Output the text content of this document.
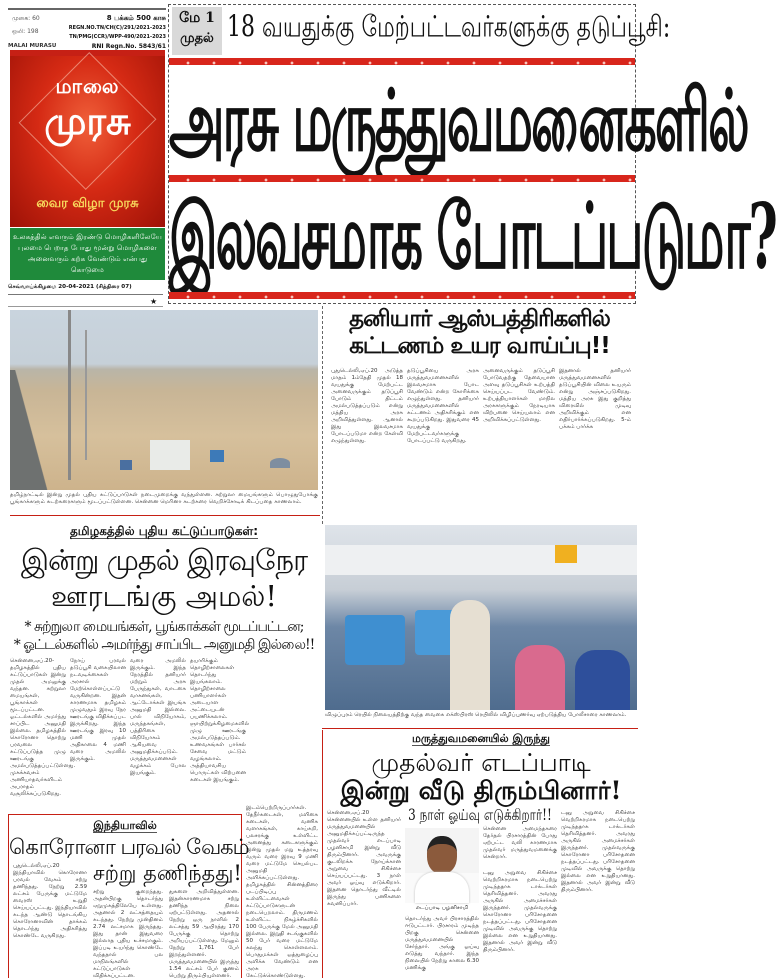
முகை: 60
ஒலி: 198
MALAI MURASU
8 பக்கம் 500 காசு
REGN.NO.TN/CH(C)/291/2021-2023
TN/PMG(CCR)/WPP-490/2021-2023
RNI Regn.No. 5843/61
மாலை
முரசு
வைர விழா முரசு
உலகத்தில் எவரும் இரண்டு மொழிகளிலேயே புலமை பெறாத போது மூன்று மொழிகளை அனைவரும் கற்க வேண்டும் என்பது கொடுமை
செவ்வாய்க்கிழமை 20-04-2021 (சித்திரை 07)
★
மே 1
முதல் 18 வயதுக்கு மேற்பட்டவர்களுக்கு தடுப்பூசி:
அரசு மருத்துவமனைகளில்
இலவசமாக போடப்படுமா?
தமிழ்நாட்டில் இன்று முதல் புதிய கட்டுப்பாடுகள் நடைமுறைக்கு வந்துள்ளன. சுற்றுலா மையங்களும் பொழுதுபோக்கு பூங்காக்களும் கடற்கரைகளும் மூடப்பட்டுள்ளன. சென்னை மெரினா கடற்கரை வெறிச்சோடிக் கிடப்பதை காணலாம்.
தனியார் ஆஸ்பத்திரிகளில்
கட்டணம் உயர வாய்ப்பு!!
புதுடெல்லி,ஏப்.20 அடுத்த மாதம் 1ம்தேதி முதல் 18 வயதுக்கு மேற்பட்ட அனைவருக்கும் தடுப்பூசி போடும் திட்டம் அமல்படுத்தப்படும் என்று மத்திய அரசு அறிவித்துள்ளது. ஆனால் இது இலவசமாக போடப்படுமா என்ற கேள்வி எழுந்துள்ளது.
தடுப்பூசியை அரசு மருத்துவமனைகளில் இலவசமாக போட வேண்டும் என்ற கோரிக்கை எழுந்துள்ளது. தனியார் மருத்துவமனைகளில் கட்டணம் அதிகரிக்கும் என கூறப்படுகிறது. இதுவரை 45 வயதுக்கு மேற்பட்டவர்களுக்கு போடப்பட்டு வருகிறது.
அனைவருக்கும் தடுப்பூசி போடுவதற்கு தேவையான அளவு தடுப்பூசிகள் உற்பத்தி செய்யப்பட வேண்டும். உற்பத்தியாளர்கள் மாநில அரசுகளுக்கும் நேரடியாக விற்பனை செய்யலாம் என அறிவிக்கப்பட்டுள்ளது.
இதனால் தனியார் மருத்துவமனைகளில் தடுப்பூசியின் விலை உயரும் என்று அஞ்சப்படுகிறது. மத்திய அரசு இது குறித்து விரைவில் முடிவு அறிவிக்கும் என எதிர்பார்க்கப்படுகிறது. 5-ம் பக்கம் பார்க்க
தமிழகத்தில் புதிய கட்டுப்பாடுகள்:
இன்று முதல் இரவுநேர
ஊரடங்கு அமல்!
* சுற்றுலா மையங்கள், பூங்காக்கள் மூடப்பட்டன;
* ஓட்டல்களில் அமர்ந்து சாப்பிட அனுமதி இல்லை!!
சென்னை,ஏப்.20- தமிழகத்தில் புதிய கட்டுப்பாடுகள் இன்று முதல் அமலுக்கு வந்தன. சுற்றுலா மையங்கள், பூங்காக்கள் மூடப்பட்டன. ஓட்டல்களில் அமர்ந்து சாப்பிட அனுமதி இல்லை. தமிழகத்தில் கொரோனா தொற்று பரவலை கட்டுப்படுத்த முழு ஊரடங்கு அமல்படுத்தப்பட்டுள்ளது. முகக்கவசம் அணியாதவர்களிடம் அபராதம் வசூலிக்கப்படுகிறது.
நோய் பரவல் தடுப்பூசி வகையிலான நடவடிக்கைகள் அரசால் மேற்கொள்ளப்பட்டு வருகின்றன. இதன் காரணமாக தமிழகம் முழுவதும் இரவு நேர ஊரடங்கு விதிக்கப்பட இருக்கிறது. இந்த ஊரடங்கு இரவு 10 மணி முதல் அதிகாலை 4 மணி வரை அமலில் இருக்கும்.
வரை அமலில் இருக்கும். இந்த நேரத்தில் தனியார் மற்றும் அரசு பேருந்துகள், வாடகை வாகனங்கள், ஆட்டோக்கள் இயங்க அனுமதி இல்லை. பால் விநியோகம், மருந்தகங்கள், பத்திரிகை விநியோகம் ஆகியவை அனுமதிக்கப்படும். மருத்துவமனைகள் வழக்கம் போல இயங்கும்.
தயாரிக்கும் தொழிற்சாலைகள் தொடர்ந்து இயங்கலாம். தொழிற்சாலை பணியாளர்கள் அடையாள அட்டையுடன் பயணிக்கலாம். ஞாயிற்றுக்கிழமைகளில் முழு ஊரடங்கு அமல்படுத்தப்படும். உணவகங்கள் பார்சல் சேவை மட்டும் வழங்கலாம். அத்தியாவசிய பொருட்கள் விற்பனை கடைகள் இயங்கும்.
இடம்பெற்றிருப்பார்கள். தேநீர்கடைகள், மளிகை கடைகள், வணிக வளாகங்கள், காய்கறி, பலசரக்கு உள்ளிட்ட அனைத்து கடைகளுக்கும் இன்று முதல் மறு உத்தரவு வரும் வரை இரவு 9 மணி வரை மட்டுமே செயல்பட அனுமதி அளிக்கப்பட்டுள்ளது. தமிழகத்தில் சின்னத்திரை படப்பிடிப்பு உள்ளிட்டவைகள் கட்டுப்பாடுகளுடன் நடைபெறலாம். திருமணம் உள்ளிட்ட நிகழ்ச்சிகளில் 100 பேருக்கு மேல் அனுமதி இல்லை. இறுதி சடங்குகளில் 50 பேர் வரை மட்டுமே கலந்து கொள்ளலாம். பொதுமக்கள் ஒத்துழைப்பு அளிக்க வேண்டும் என அரசு கேட்டுக்கொண்டுள்ளது.
விழுப்புரம் ரெயில் நிலையத்திற்கு வந்த வைகை எக்ஸ்பிரஸ் ரெயிலில் விழிப்புணர்வு ஏற்படுத்திய போலீசாரை காணலாம்.
மருத்துவமனையில் இருந்து
முதல்வர் எடப்பாடி
இன்று வீடு திரும்பினார்!
3 நாள் ஓய்வு எடுக்கிறார்!!
சென்னை,ஏப்.20 சென்னையில் உள்ள தனியார் மருத்துவமனையில் அனுமதிக்கப்பட்டிருந்த முதல்வர் எடப்பாடி பழனிசாமி இன்று வீடு திரும்பினார். அவருக்கு குடலிறக்க நோய்க்கான அறுவை சிகிச்சை செய்யப்பட்டது. 3 நாள் அவர் ஓய்வு எடுக்கிறார். இதனை தொடர்ந்து வீட்டில் இருந்து பணிகளை கவனிப்பார்.
சென்னை அமைந்தகரை தேர்தல் பிரசாரத்தின் போது ஏற்பட்ட வலி காரணமாக முதல்வர் மருத்துவமனைக்கு சென்றார்.
எடப்பாடி பழனிசாமி
தொடர்ந்து அவர் பிரசாரத்தில் ஈடுபட்டார். பிரசாரம் முடிந்த பிறகு சென்னை மருத்துவமனையில் சேர்ந்தார். அங்கு ஓய்வு எடுத்து வந்தார். இந்த நிலையில் நேற்று காலை 6.30 மணிக்கு
டனு அறுவை சிகிச்சை வெற்றிகரமாக நடைபெற்று முடிந்ததாக டாக்டர்கள் தெரிவித்தனர். அவரது அருகில் அமைச்சர்கள் இருந்தனர். முதல்வருக்கு கொரோனா பரிசோதனை நடத்தப்பட்டது. பரிசோதனை முடிவில் அவருக்கு தொற்று இல்லை என உறுதியானது. இதனால் அவர் இன்று வீடு திரும்பினார்.
டனு அறுவை சிகிச்சை வெற்றிகரமாக நடைபெற்று முடிந்ததாக டாக்டர்கள் தெரிவித்தனர். அவரது அருகில் அமைச்சர்கள் இருந்தனர். முதல்வருக்கு கொரோனா பரிசோதனை நடத்தப்பட்டது. பரிசோதனை முடிவில் அவருக்கு தொற்று இல்லை என உறுதியானது. இதனால் அவர் இன்று வீடு திரும்பினார்.
இந்தியாவில்
கொரோனா பரவல் வேகம்
சற்று தணிந்தது!
புதுடெல்லி,ஏப்.20 இந்தியாவில் கொரோனா பரவல் வேகம் சற்று தணிந்தது. நேற்று 2.59 லட்சம் பேருக்கு மட்டுமே வைரஸ் உறுதி செய்யப்பட்டது. இந்தியாவில் கடந்த ஆண்டு தொடங்கிய கொரோனாவின் தாக்கம் தொடர்ந்து அதிகரித்து கொண்டே வருகிறது.
சற்று குறைந்தது. அதன்பிறகு தொடர்ந்து ஏறுமுகத்திலேயே உள்ளது. அதனால் 2 லட்சத்தையும் கடந்தது. நேற்று முன்தினம் 2.74 லட்சமாக இருந்தது. இது தான் இதுவரை இல்லாத புதிய உச்சமாகும். இப்படி உயர்ந்து கொண்டே வந்ததால் பல மாநிலங்களில் கட்டுப்பாடுகள் விதிக்கப்பட்டன.
துகளை அறிவித்துள்ளன. இதன்காரணமாக சற்று தணிந்த நிலை ஏற்பட்டுள்ளது. அதனால் நேற்று ஒரு நாளில் 2 லட்சத்து 59 ஆயிரத்து 170 பேருக்கு தொற்று அறியப்பட்டுள்ளது. மேலும் நேற்று 1,761 பேர் இறந்துள்ளனர். மருத்துவமனையில் இருந்து 1.54 லட்சம் பேர் குணம் பெற்று திரும்பியுள்ளனர்.
